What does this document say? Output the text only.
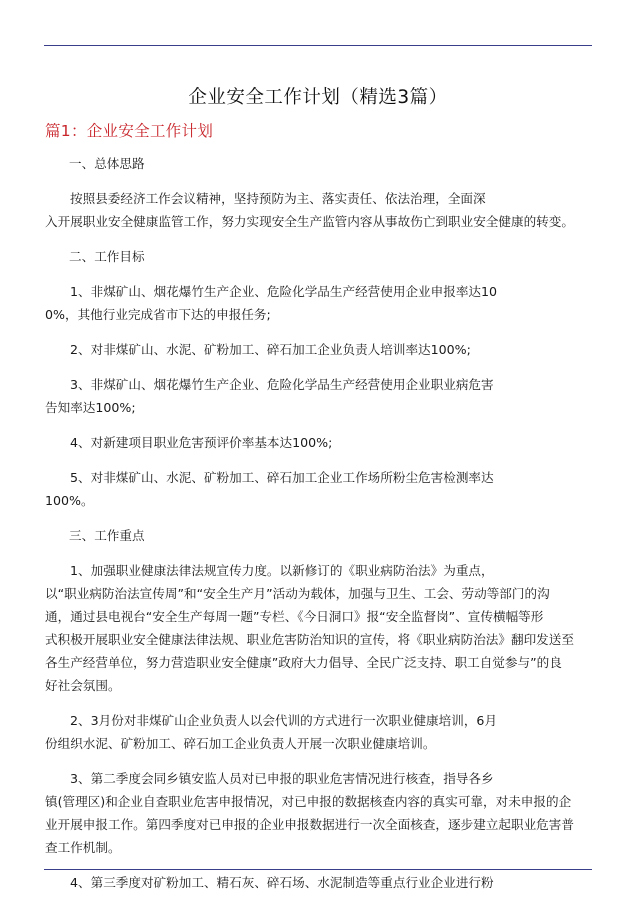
企业安全工作计划（精选3篇）
篇1：企业安全工作计划
一、总体思路
按照县委经济工作会议精神，坚持预防为主、落实责任、依法治理，全面深
入开展职业安全健康监管工作，努力实现安全生产监管内容从事故伤亡到职业安全健康的转变。
二、工作目标
1、非煤矿山、烟花爆竹生产企业、危险化学品生产经营使用企业申报率达10
0%，其他行业完成省市下达的申报任务;
2、对非煤矿山、水泥、矿粉加工、碎石加工企业负责人培训率达100%;
3、非煤矿山、烟花爆竹生产企业、危险化学品生产经营使用企业职业病危害
告知率达100%;
4、对新建项目职业危害预评价率基本达100%;
5、对非煤矿山、水泥、矿粉加工、碎石加工企业工作场所粉尘危害检测率达
100%。
三、工作重点
1、加强职业健康法律法规宣传力度。以新修订的《职业病防治法》为重点，
以“职业病防治法宣传周”和“安全生产月”活动为载体，加强与卫生、工会、劳动等部门的沟
通，通过县电视台“安全生产每周一题”专栏、《今日洞口》报“安全监督岗”、宣传横幅等形
式积极开展职业安全健康法律法规、职业危害防治知识的宣传，将《职业病防治法》翻印发送至
各生产经营单位，努力营造职业安全健康”政府大力倡导、全民广泛支持、职工自觉参与”的良
好社会氛围。
2、3月份对非煤矿山企业负责人以会代训的方式进行一次职业健康培训，6月
份组织水泥、矿粉加工、碎石加工企业负责人开展一次职业健康培训。
3、第二季度会同乡镇安监人员对已申报的职业危害情况进行核查，指导各乡
镇(管理区)和企业自查职业危害申报情况，对已申报的数据核查内容的真实可靠，对未申报的企
业开展申报工作。第四季度对已申报的企业申报数据进行一次全面核查，逐步建立起职业危害普
查工作机制。
4、第三季度对矿粉加工、精石灰、碎石场、水泥制造等重点行业企业进行粉
